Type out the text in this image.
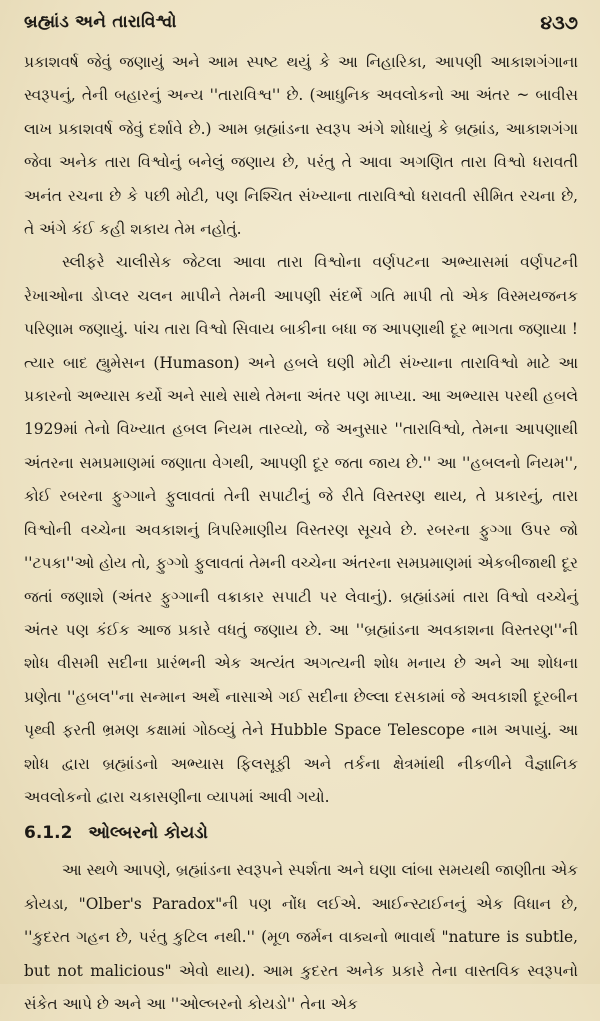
બ્રહ્માંડ અને તારાવિશ્વો	૪૩૭

પ્રકાશવર્ષ જેવું જણાયું અને આમ સ્પષ્ટ થયું કે આ નિહારિકા, આપણી આકાશગંગાના સ્વરૂપનું, તેની બહારનું અન્ય ''તારાવિશ્વ'' છે. (આધુનિક અવલોકનો આ અંતર ~ બાવીસ લાખ પ્રકાશવર્ષ જેવું દર્શાવે છે.) આમ બ્રહ્માંડના સ્વરૂપ અંગે શોધાયું કે બ્રહ્માંડ, આકાશગંગા જેવા અનેક તારા વિશ્વોનું બનેલું જણાય છે, પરંતુ તે આવા અગણિત તારા વિશ્વો ધરાવતી અનંત રચના છે કે પછી મોટી, પણ નિશ્ચિત સંખ્યાના તારાવિશ્વો ધરાવતી સીમિત રચના છે, તે અંગે કંઈ કહી શકાય તેમ નહોતું.

સ્લીફરે ચાલીસેક જેટલા આવા તારા વિશ્વોના વર્ણપટના અભ્યાસમાં વર્ણપટની રેખાઓના ડોપ્લર ચલન માપીને તેમની આપણી સંદર્ભે ગતિ માપી તો એક વિસ્મયજનક પરિણામ જણાયું. પાંચ તારા વિશ્વો સિવાય બાકીના બધા જ આપણાથી દૂર ભાગતા જણાયા ! ત્યાર બાદ હ્યુમેસન (Humason) અને હબલે ઘણી મોટી સંખ્યાના તારાવિશ્વો માટે આ પ્રકારનો અભ્યાસ કર્યો અને સાથે સાથે તેમના અંતર પણ માપ્યા. આ અભ્યાસ પરથી હબલે 1929માં તેનો વિખ્યાત હબલ નિયમ તારવ્યો, જે અનુસાર ''તારાવિશ્વો, તેમના આપણાથી અંતરના સમપ્રમાણમાં જણાતા વેગથી, આપણી દૂર જતા જાય છે.'' આ ''હબલનો નિયમ'', કોઈ રબરના ફુગ્ગાને ફુલાવતાં તેની સપાટીનું જે રીતે વિસ્તરણ થાય, તે પ્રકારનું, તારા વિશ્વોની વચ્ચેના અવકાશનું ત્રિપરિમાણીય વિસ્તરણ સૂચવે છે. રબરના ફુગ્ગા ઉપર જો ''ટપકા''ઓ હોય તો, ફુગ્ગો ફુલાવતાં તેમની વચ્ચેના અંતરના સમપ્રમાણમાં એકબીજાથી દૂર જતાં જણાશે (અંતર ફુગ્ગાની વક્રાકાર સપાટી પર લેવાનું). બ્રહ્માંડમાં તારા વિશ્વો વચ્ચેનું અંતર પણ કંઈક આજ પ્રકારે વધતું જણાય છે. આ ''બ્રહ્માંડના અવકાશના વિસ્તરણ''ની શોધ વીસમી સદીના પ્રારંભની એક અત્યંત અગત્યની શોધ મનાય છે અને આ શોધના પ્રણેતા ''હબલ''ના સન્માન અર્થે નાસાએ ગઈ સદીના છેલ્લા દસકામાં જે અવકાશી દૂરબીન પૃથ્વી ફરતી ભ્રમણ કક્ષામાં ગોઠવ્યું તેને Hubble Space Telescope નામ અપાયું. આ શોધ દ્વારા બ્રહ્માંડનો અભ્યાસ ફિલસૂફી અને તર્કના ક્ષેત્રમાંથી નીકળીને વૈજ્ઞાનિક અવલોકનો દ્વારા ચકાસણીના વ્યાપમાં આવી ગયો.

6.1.2 ઓલ્બરનો કોયડો

આ સ્થળે આપણે, બ્રહ્માંડના સ્વરૂપને સ્પર્શતા અને ઘણા લાંબા સમયથી જાણીતા એક કોયડા, "Olber's Paradox"ની પણ નોંધ લઈએ. આઈન્સ્ટાઈનનું એક વિધાન છે, ''કુદરત ગહન છે, પરંતુ કુટિલ નથી.'' (મૂળ જર્મન વાક્યનો ભાવાર્થ "nature is subtle, but not malicious" એવો થાય). આમ કુદરત અનેક પ્રકારે તેના વાસ્તવિક સ્વરૂપનો સંકેત આપે છે અને આ ''ઓલ્બરનો કોયડો'' તેના એક
